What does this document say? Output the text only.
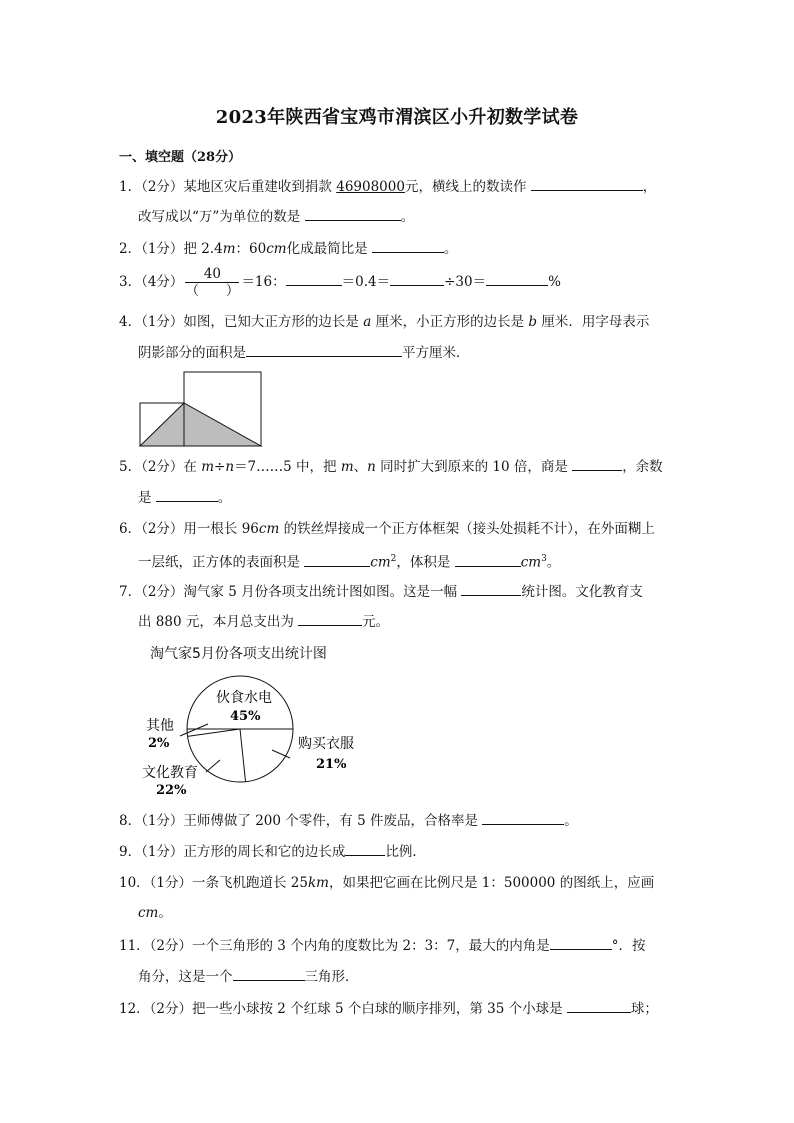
2023年陕西省宝鸡市渭滨区小升初数学试卷
一、填空题（28分）
1．（2分）某地区灾后重建收到捐款 46908000元，横线上的数读作	，
改写成以“万”为单位的数是	。
2．（1分）把 2.4m：60cm化成最简比是	。
3．（4分） $\frac{40}{( )} =16$：	＝0.4＝	÷30＝	%
4．（1分）如图，已知大正方形的边长是 a 厘米，小正方形的边长是 b 厘米．用字母表示
阴影部分的面积是	平方厘米．
5．（2分）在 m÷n＝7……5 中，把 m、n 同时扩大到原来的 10 倍，商是	，余数
是	。
6．（2分）用一根长 96cm 的铁丝焊接成一个正方体框架（接头处损耗不计），在外面糊上
一层纸，正方体的表面积是	$cm^2$，体积是	$cm^3$。
7．（2分）淘气家 5 月份各项支出统计图如图。这是一幅	统计图。文化教育支
出 880 元，本月总支出为	元。
淘气家5月份各项支出统计图
伙食水电
45%
购买衣服
21%
文化教育
22%
其他
2%
8．（1分）王师傅做了 200 个零件，有 5 件废品，合格率是	。
9．（1分）正方形的周长和它的边长成	比例．
10．（1分）一条飞机跑道长 25km，如果把它画在比例尺是 1：500000 的图纸上，应画
cm。
11．（2分）一个三角形的 3 个内角的度数比为 2：3：7，最大的内角是	°．按
角分，这是一个	三角形．
12．（2分）把一些小球按 2 个红球 5 个白球的顺序排列，第 35 个小球是	球；
